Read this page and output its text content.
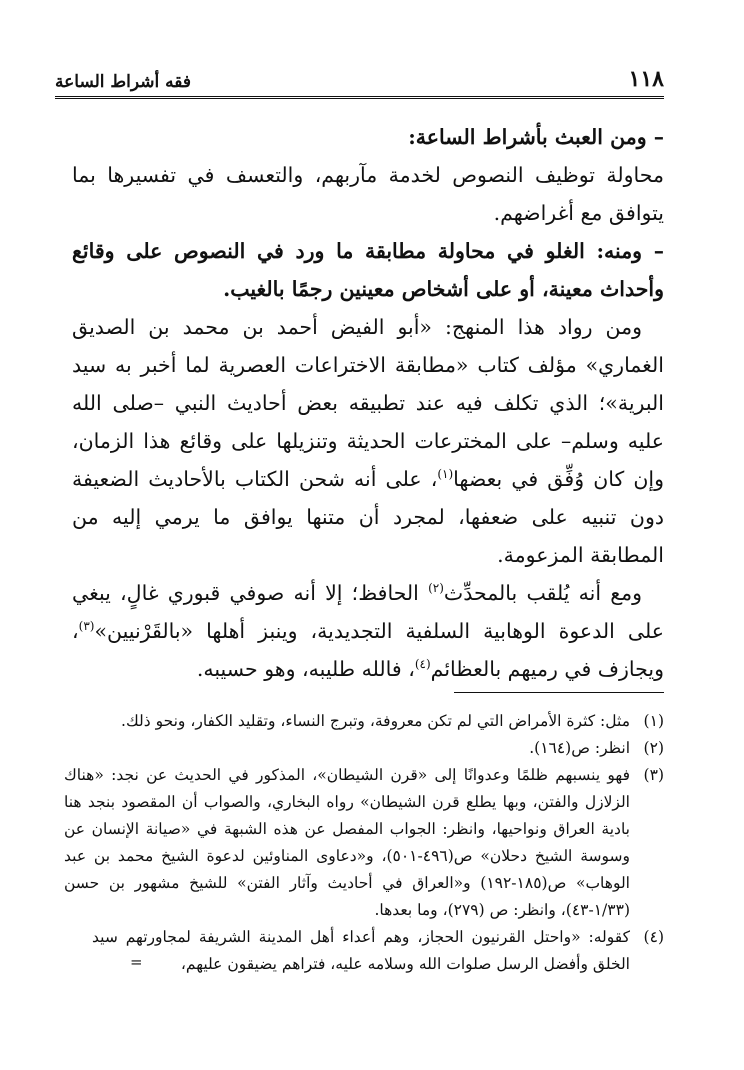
١١٨
فقه أشراط الساعة

– ومن العبث بأشراط الساعة:

محاولة توظيف النصوص لخدمة مآربهم، والتعسف في تفسيرها بما يتوافق مع أغراضهم.

– ومنه: الغلو في محاولة مطابقة ما ورد في النصوص على وقائع وأحداث معينة، أو على أشخاص معينين رجمًا بالغيب.

ومن رواد هذا المنهج: «أبو الفيض أحمد بن محمد بن الصديق الغماري» مؤلف كتاب «مطابقة الاختراعات العصرية لما أخبر به سيد البرية»؛ الذي تكلف فيه عند تطبيقه بعض أحاديث النبي –صلى الله عليه وسلم– على المخترعات الحديثة وتنزيلها على وقائع هذا الزمان، وإن كان وُفِّق في بعضها$^{(١)}$، على أنه شحن الكتاب بالأحاديث الضعيفة دون تنبيه على ضعفها، لمجرد أن متنها يوافق ما يرمي إليه من المطابقة المزعومة.

ومع أنه يُلقب بالمحدِّث$^{(٢)}$ الحافظ؛ إلا أنه صوفي قبوري غالٍ، يبغي على الدعوة الوهابية السلفية التجديدية، وينبز أهلها «بالقَرْنيين»$^{(٣)}$، ويجازف في رميهم بالعظائم$^{(٤)}$، فالله طليبه، وهو حسيبه.

(١)
مثل: كثرة الأمراض التي لم تكن معروفة، وتبرج النساء، وتقليد الكفار، ونحو ذلك.

(٢)
انظر: ص(١٦٤).

(٣)
فهو ينسبهم ظلمًا وعدوانًا إلى «قرن الشيطان»، المذكور في الحديث عن نجد: «هناك الزلازل والفتن، وبها يطلع قرن الشيطان» رواه البخاري، والصواب أن المقصود بنجد هنا بادية العراق ونواحيها، وانظر: الجواب المفصل عن هذه الشبهة في «صيانة الإنسان عن وسوسة الشيخ دحلان» ص(٤٩٦-٥٠١)، و«دعاوى المناوئين لدعوة الشيخ محمد بن عبد الوهاب» ص(١٨٥-١٩٢) و«العراق في أحاديث وآثار الفتن» للشيخ مشهور بن حسن (١/٣٣-٤٣)، وانظر: ص (٢٧٩)، وما بعدها.

(٤)
كقوله: «واحتل القرنيون الحجاز، وهم أعداء أهل المدينة الشريفة لمجاورتهم سيد الخلق وأفضل الرسل صلوات الله وسلامه عليه، فتراهم يضيقون عليهم،

=
